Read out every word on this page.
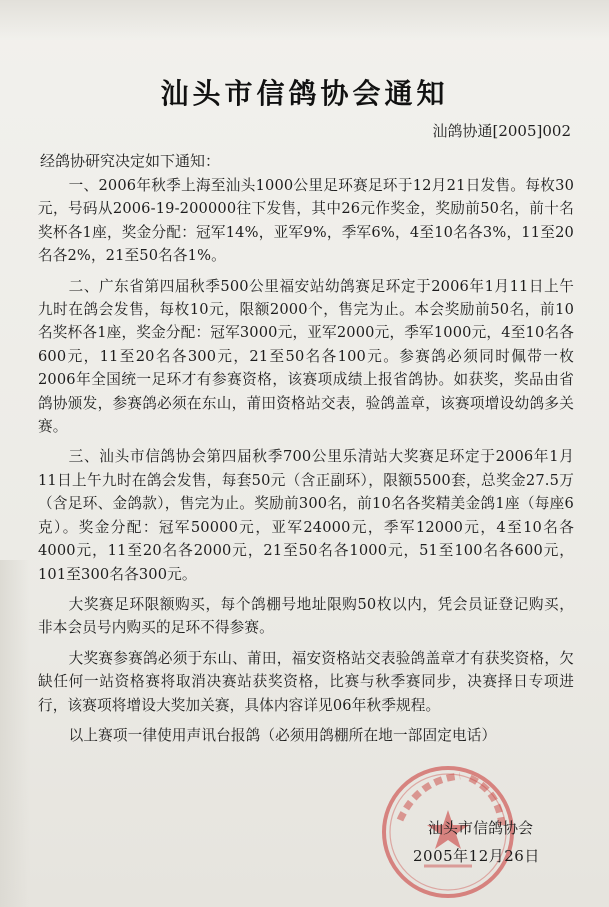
汕头市信鸽协会通知
汕鸽协通[2005]002
经鸽协研究决定如下通知：

一、2006年秋季上海至汕头1000公里足环赛足环于12月21日发售。每枚30元，号码从2006-19-200000往下发售，其中26元作奖金，奖励前50名，前十名奖杯各1座，奖金分配：冠军14%，亚军9%，季军6%，4至10名各3%，11至20名各2%，21至50名各1%。

二、广东省第四届秋季500公里福安站幼鸽赛足环定于2006年1月11日上午九时在鸽会发售，每枚10元，限额2000个，售完为止。本会奖励前50名，前10名奖杯各1座，奖金分配：冠军3000元，亚军2000元，季军1000元，4至10名各600元，11至20名各300元，21至50名各100元。参赛鸽必须同时佩带一枚2006年全国统一足环才有参赛资格，该赛项成绩上报省鸽协。如获奖，奖品由省鸽协颁发，参赛鸽必须在东山，莆田资格站交表，验鸽盖章，该赛项增设幼鸽多关赛。

三、汕头市信鸽协会第四届秋季700公里乐清站大奖赛足环定于2006年1月11日上午九时在鸽会发售，每套50元（含正副环），限额5500套，总奖金27.5万（含足环、金鸽款），售完为止。奖励前300名，前10名各奖精美金鸽1座（每座6克）。奖金分配：冠军50000元，亚军24000元，季军12000元，4至10名各4000元，11至20名各2000元，21至50名各1000元，51至100名各600元，101至300名各300元。

大奖赛足环限额购买，每个鸽棚号地址限购50枚以内，凭会员证登记购买，非本会员号内购买的足环不得参赛。

大奖赛参赛鸽必须于东山、莆田，福安资格站交表验鸽盖章才有获奖资格，欠缺任何一站资格赛将取消决赛站获奖资格，比赛与秋季赛同步，决赛择日专项进行，该赛项将增设大奖加关赛，具体内容详见06年秋季规程。

以上赛项一律使用声讯台报鸽（必须用鸽棚所在地一部固定电话）

汕头市信鸽协会
2005年12月26日
